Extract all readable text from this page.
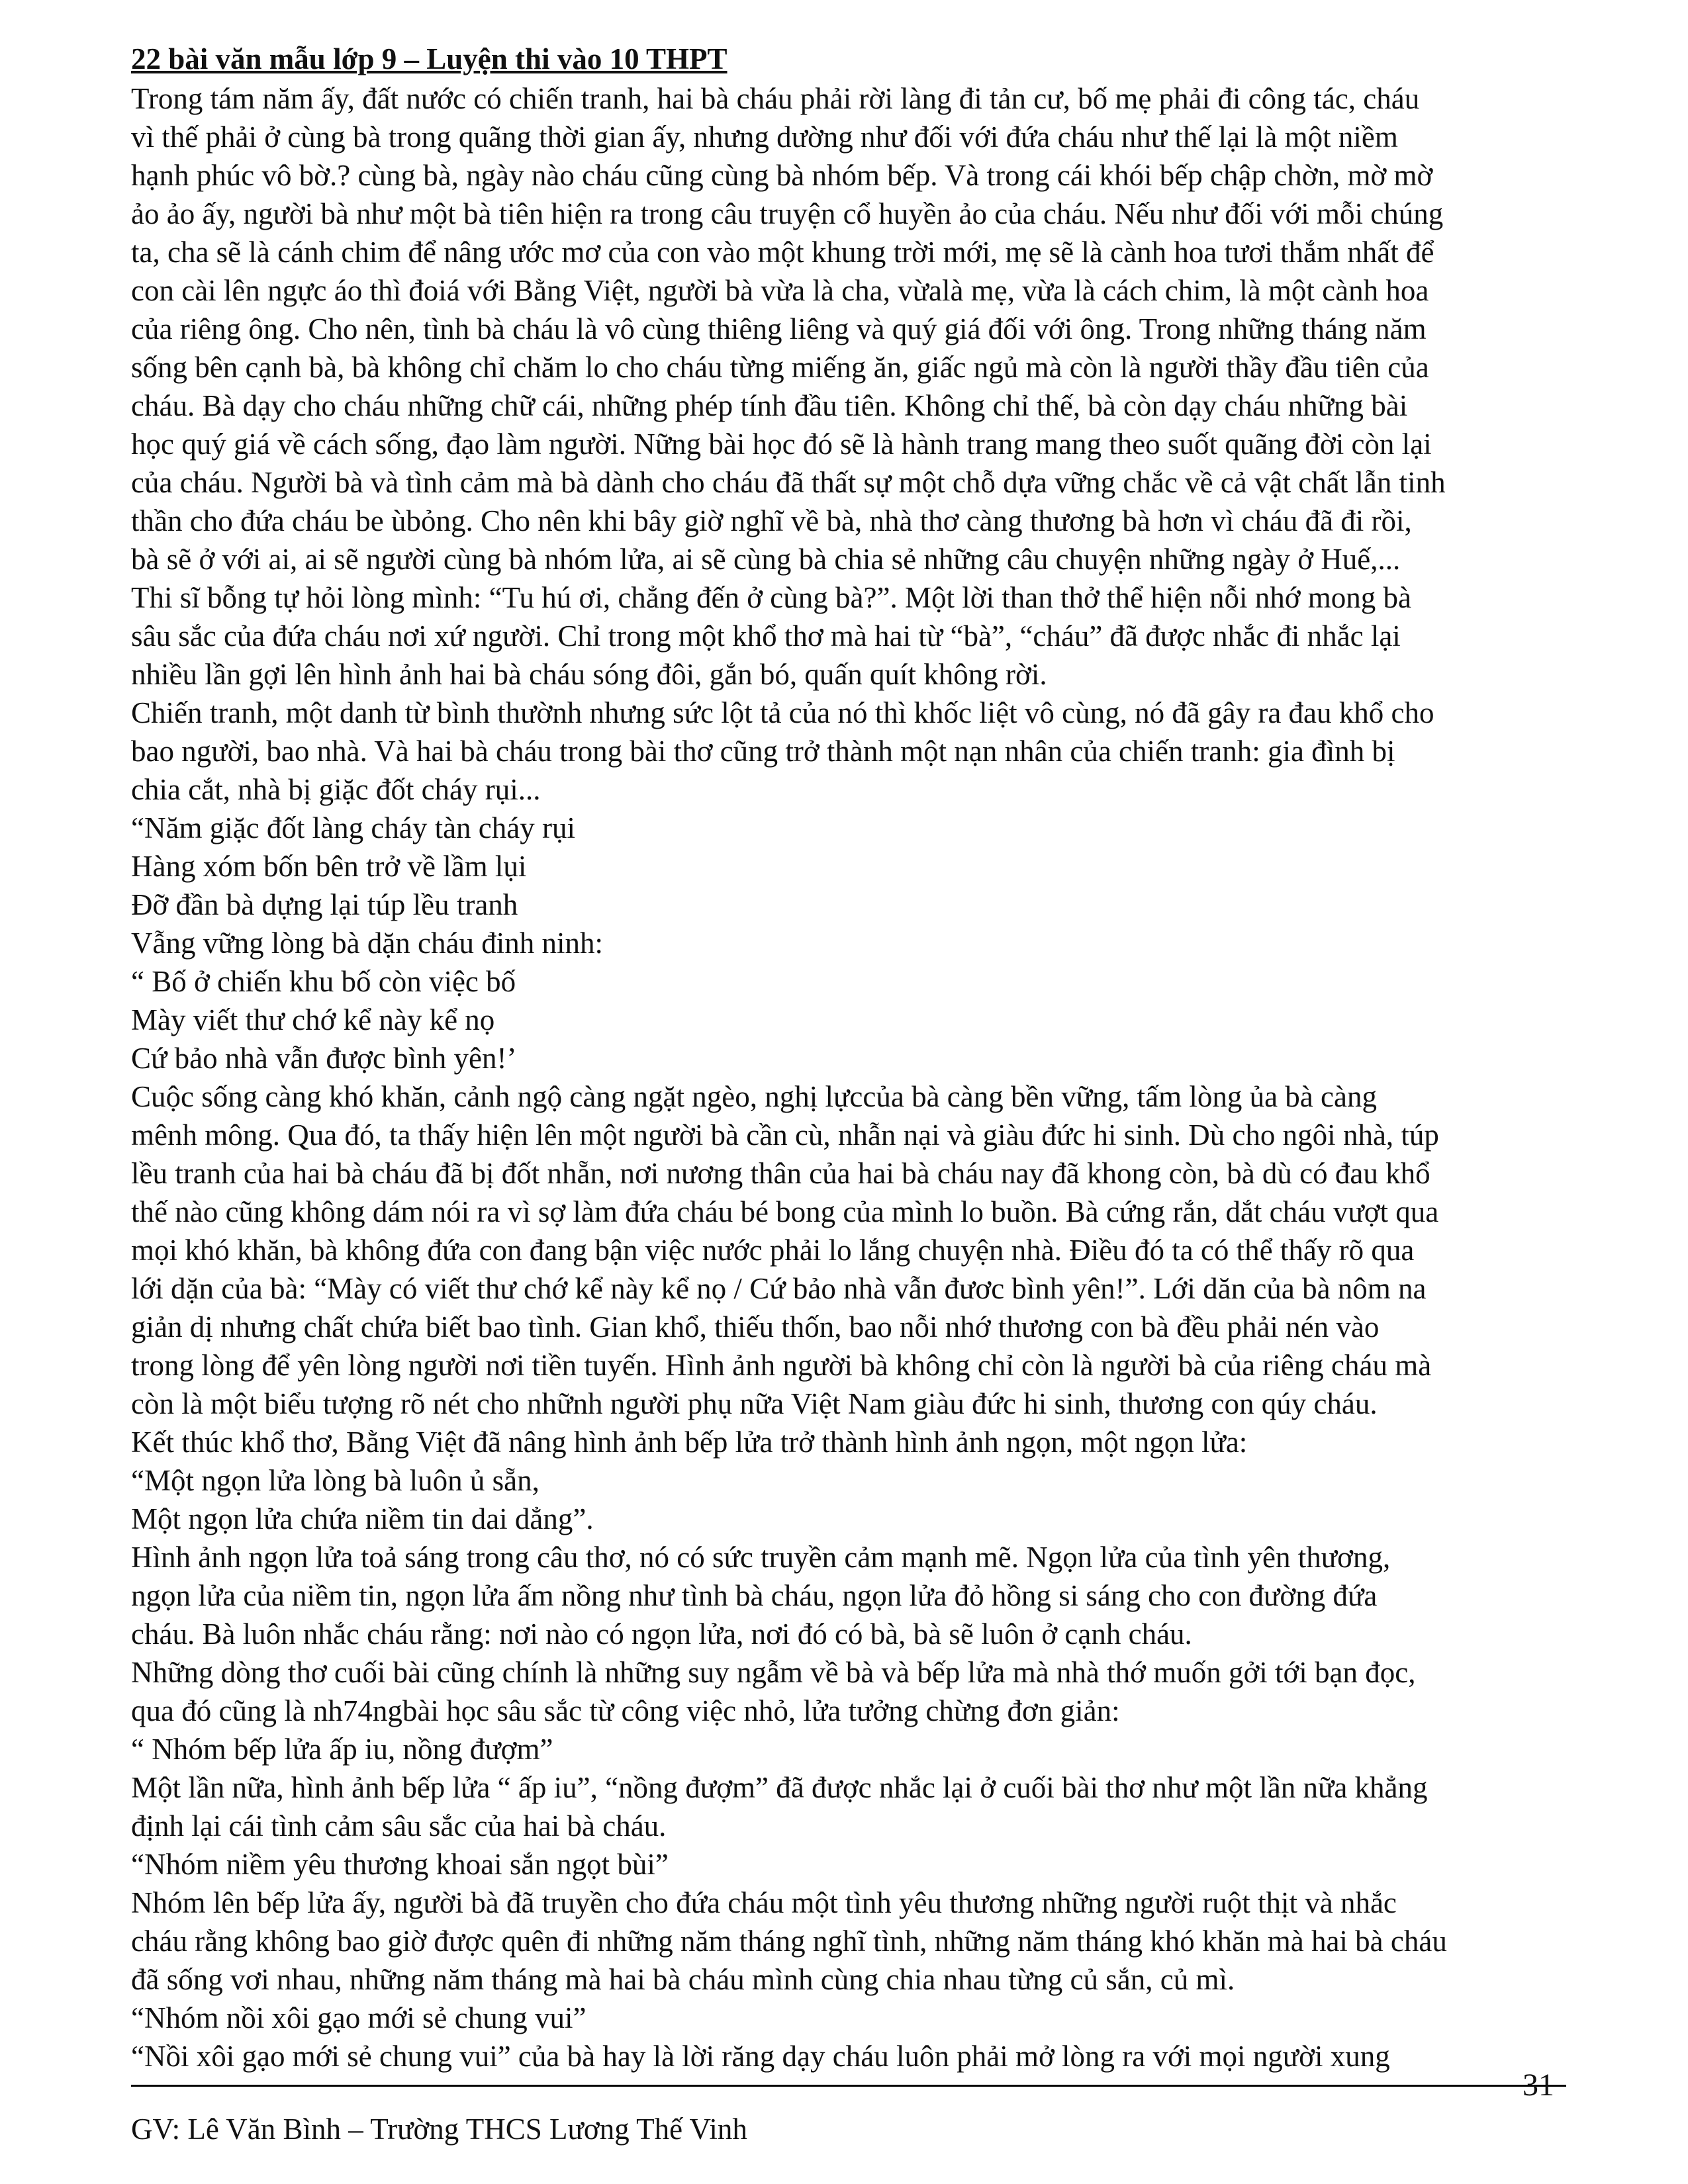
22 bài văn mẫu lớp 9 – Luyện thi vào 10 THPT
Trong tám năm ấy, đất nước có chiến tranh, hai bà cháu phải rời làng đi tản cư, bố mẹ phải đi công tác, cháu
vì thế phải ở cùng bà trong quãng thời gian ấy, nhưng dường như đối với đứa cháu như thế lại là một niềm
hạnh phúc vô bờ.? cùng bà, ngày nào cháu cũng cùng bà nhóm bếp. Và trong cái khói bếp chập chờn, mờ mờ
ảo ảo ấy, người bà như một bà tiên hiện ra trong câu truyện cổ huyền ảo của cháu. Nếu như đối với mỗi chúng
ta, cha sẽ là cánh chim để nâng ước mơ của con vào một khung trời mới, mẹ sẽ là cành hoa tươi thắm nhất để
con cài lên ngực áo thì đoiá với Bằng Việt, người bà vừa là cha, vừalà mẹ, vừa là cách chim, là một cành hoa
của riêng ông. Cho nên, tình bà cháu là vô cùng thiêng liêng và quý giá đối với ông. Trong những tháng năm
sống bên cạnh bà, bà không chỉ chăm lo cho cháu từng miếng ăn, giấc ngủ mà còn là người thầy đầu tiên của
cháu. Bà dạy cho cháu những chữ cái, những phép tính đầu tiên. Không chỉ thế, bà còn dạy cháu những bài
học quý giá về cách sống, đạo làm người. Nững bài học đó sẽ là hành trang mang theo suốt quãng đời còn lại
của cháu. Người bà và tình cảm mà bà dành cho cháu đã thất sự một chỗ dựa vững chắc về cả vật chất lẫn tinh
thần cho đứa cháu be ùbỏng. Cho nên khi bây giờ nghĩ về bà, nhà thơ càng thương bà hơn vì cháu đã đi rồi,
bà sẽ ở với ai, ai sẽ người cùng bà nhóm lửa, ai sẽ cùng bà chia sẻ những câu chuyện những ngày ở Huế,...
Thi sĩ bỗng tự hỏi lòng mình: “Tu hú ơi, chẳng đến ở cùng bà?”. Một lời than thở thể hiện nỗi nhớ mong bà
sâu sắc của đứa cháu nơi xứ người. Chỉ trong một khổ thơ mà hai từ “bà”, “cháu” đã được nhắc đi nhắc lại
nhiều lần gợi lên hình ảnh hai bà cháu sóng đôi, gắn bó, quấn quít không rời.
Chiến tranh, một danh từ bình thườnh nhưng sức lột tả của nó thì khốc liệt vô cùng, nó đã gây ra đau khổ cho
bao người, bao nhà. Và hai bà cháu trong bài thơ cũng trở thành một nạn nhân của chiến tranh: gia đình bị
chia cắt, nhà bị giặc đốt cháy rụi...
“Năm giặc đốt làng cháy tàn cháy rụi
Hàng xóm bốn bên trở về lầm lụi
Đỡ đần bà dựng lại túp lều tranh
Vẫng vững lòng bà dặn cháu đinh ninh:
“ Bố ở chiến khu bố còn việc bố
Mày viết thư chớ kể này kể nọ
Cứ bảo nhà vẫn được bình yên!’
Cuộc sống càng khó khăn, cảnh ngộ càng ngặt ngèo, nghị lựccủa bà càng bền vững, tấm lòng ủa bà càng
mênh mông. Qua đó, ta thấy hiện lên một người bà cần cù, nhẫn nại và giàu đức hi sinh. Dù cho ngôi nhà, túp
lều tranh của hai bà cháu đã bị đốt nhẵn, nơi nương thân của hai bà cháu nay đã khong còn, bà dù có đau khổ
thế nào cũng không dám nói ra vì sợ làm đứa cháu bé bong của mình lo buồn. Bà cứng rắn, dắt cháu vượt qua
mọi khó khăn, bà không đứa con đang bận việc nước phải lo lắng chuyện nhà. Điều đó ta có thể thấy rõ qua
lới dặn của bà: “Mày có viết thư chớ kể này kể nọ / Cứ bảo nhà vẫn đươc bình yên!”. Lới dăn của bà nôm na
giản dị nhưng chất chứa biết bao tình. Gian khổ, thiếu thốn, bao nỗi nhớ thương con bà đều phải nén vào
trong lòng để yên lòng người nơi tiền tuyến. Hình ảnh người bà không chỉ còn là người bà của riêng cháu mà
còn là một biểu tượng rõ nét cho nhữnh người phụ nữa Việt Nam giàu đức hi sinh, thương con qúy cháu.
Kết thúc khổ thơ, Bằng Việt đã nâng hình ảnh bếp lửa trở thành hình ảnh ngọn, một ngọn lửa:
“Một ngọn lửa lòng bà luôn ủ sẵn,
Một ngọn lửa chứa niềm tin dai dẳng”.
Hình ảnh ngọn lửa toả sáng trong câu thơ, nó có sức truyền cảm mạnh mẽ. Ngọn lửa của tình yên thương,
ngọn lửa của niềm tin, ngọn lửa ấm nồng như tình bà cháu, ngọn lửa đỏ hồng si sáng cho con đường đứa
cháu. Bà luôn nhắc cháu rằng: nơi nào có ngọn lửa, nơi đó có bà, bà sẽ luôn ở cạnh cháu.
Những dòng thơ cuối bài cũng chính là những suy ngẫm về bà và bếp lửa mà nhà thớ muốn gởi tới bạn đọc,
qua đó cũng là nh74ngbài học sâu sắc từ công việc nhỏ, lửa tưởng chừng đơn giản:
“ Nhóm bếp lửa ấp iu, nồng đượm”
Một lần nữa, hình ảnh bếp lửa “ ấp iu”, “nồng đượm” đã được nhắc lại ở cuối bài thơ như một lần nữa khẳng
định lại cái tình cảm sâu sắc của hai bà cháu.
“Nhóm niềm yêu thương khoai sắn ngọt bùi”
Nhóm lên bếp lửa ấy, người bà đã truyền cho đứa cháu một tình yêu thương những người ruột thịt và nhắc
cháu rằng không bao giờ được quên đi những năm tháng nghĩ tình, những năm tháng khó khăn mà hai bà cháu
đã sống vơi nhau, những năm tháng mà hai bà cháu mình cùng chia nhau từng củ sắn, củ mì.
“Nhóm nồi xôi gạo mới sẻ chung vui”
“Nồi xôi gạo mới sẻ chung vui” của bà hay là lời răng dạy cháu luôn phải mở lòng ra với mọi người xung
31
GV: Lê Văn Bình – Trường THCS Lương Thế Vinh
